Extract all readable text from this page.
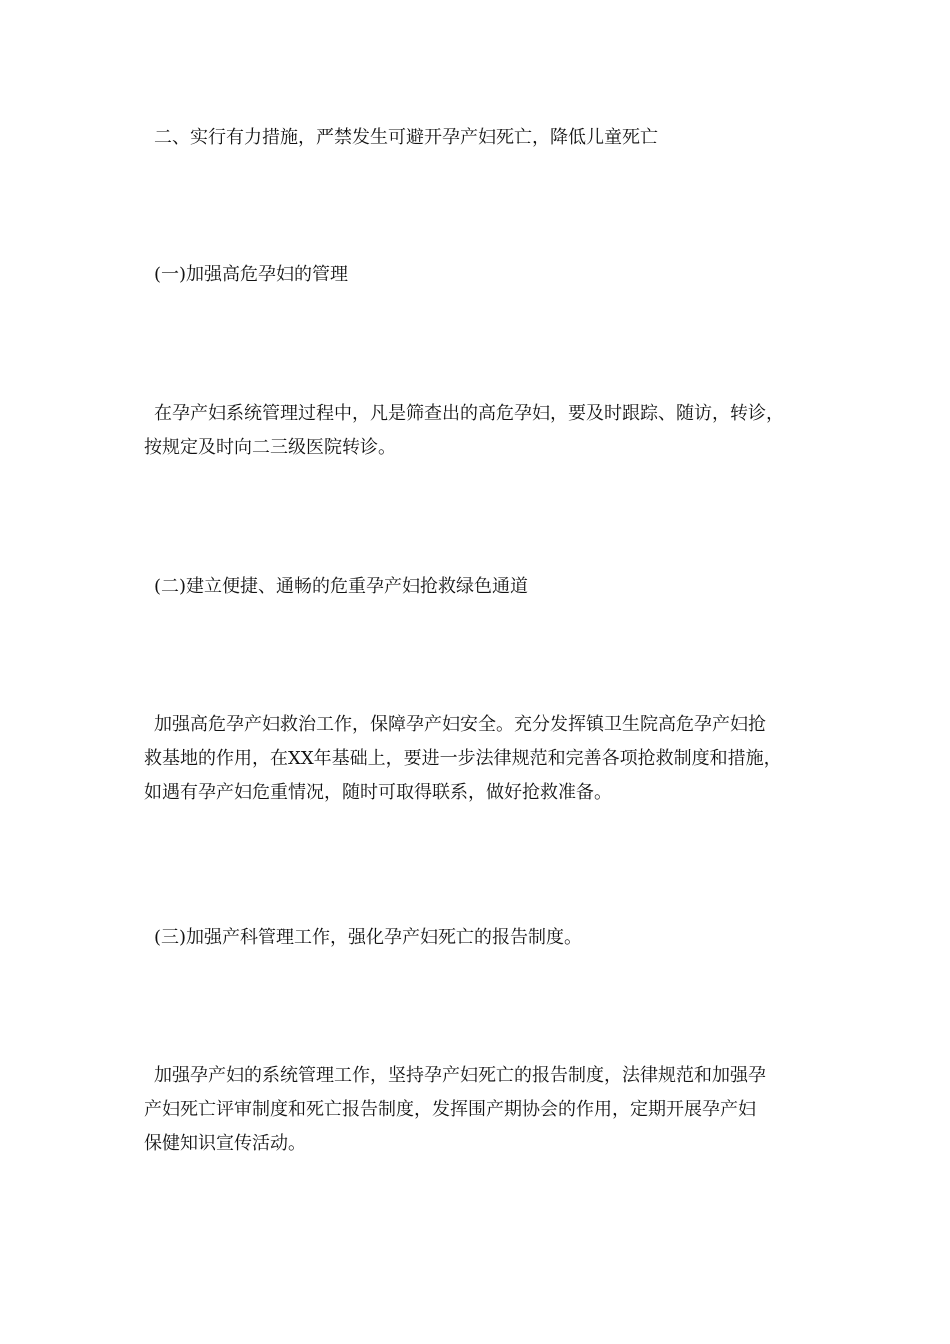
二、实行有力措施，严禁发生可避开孕产妇死亡，降低儿童死亡
(一)加强高危孕妇的管理
在孕产妇系统管理过程中，凡是筛查出的高危孕妇，要及时跟踪、随访，转诊，
按规定及时向二三级医院转诊。
(二)建立便捷、通畅的危重孕产妇抢救绿色通道
加强高危孕产妇救治工作，保障孕产妇安全。充分发挥镇卫生院高危孕产妇抢
救基地的作用，在XX年基础上，要进一步法律规范和完善各项抢救制度和措施，
如遇有孕产妇危重情况，随时可取得联系，做好抢救准备。
(三)加强产科管理工作，强化孕产妇死亡的报告制度。
加强孕产妇的系统管理工作，坚持孕产妇死亡的报告制度，法律规范和加强孕
产妇死亡评审制度和死亡报告制度，发挥围产期协会的作用，定期开展孕产妇
保健知识宣传活动。
